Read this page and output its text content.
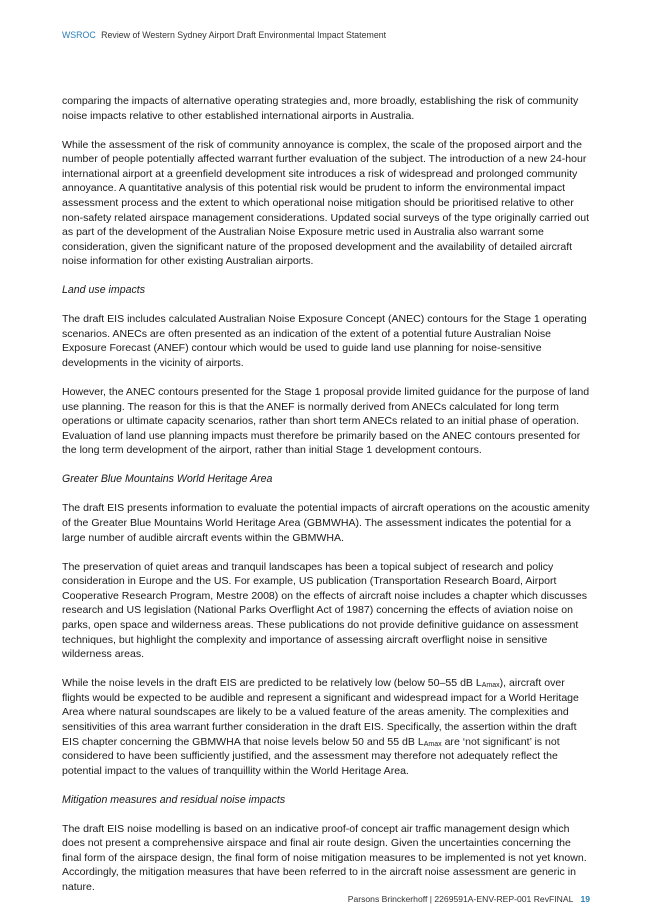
WSROC Review of Western Sydney Airport Draft Environmental Impact Statement

comparing the impacts of alternative operating strategies and, more broadly, establishing the risk of community noise impacts relative to other established international airports in Australia.

While the assessment of the risk of community annoyance is complex, the scale of the proposed airport and the number of people potentially affected warrant further evaluation of the subject. The introduction of a new 24-hour international airport at a greenfield development site introduces a risk of widespread and prolonged community annoyance. A quantitative analysis of this potential risk would be prudent to inform the environmental impact assessment process and the extent to which operational noise mitigation should be prioritised relative to other non-safety related airspace management considerations. Updated social surveys of the type originally carried out as part of the development of the Australian Noise Exposure metric used in Australia also warrant some consideration, given the significant nature of the proposed development and the availability of detailed aircraft noise information for other existing Australian airports.

Land use impacts

The draft EIS includes calculated Australian Noise Exposure Concept (ANEC) contours for the Stage 1 operating scenarios. ANECs are often presented as an indication of the extent of a potential future Australian Noise Exposure Forecast (ANEF) contour which would be used to guide land use planning for noise-sensitive developments in the vicinity of airports.

However, the ANEC contours presented for the Stage 1 proposal provide limited guidance for the purpose of land use planning. The reason for this is that the ANEF is normally derived from ANECs calculated for long term operations or ultimate capacity scenarios, rather than short term ANECs related to an initial phase of operation. Evaluation of land use planning impacts must therefore be primarily based on the ANEC contours presented for the long term development of the airport, rather than initial Stage 1 development contours.

Greater Blue Mountains World Heritage Area

The draft EIS presents information to evaluate the potential impacts of aircraft operations on the acoustic amenity of the Greater Blue Mountains World Heritage Area (GBMWHA). The assessment indicates the potential for a large number of audible aircraft events within the GBMWHA.

The preservation of quiet areas and tranquil landscapes has been a topical subject of research and policy consideration in Europe and the US. For example, US publication (Transportation Research Board, Airport Cooperative Research Program, Mestre 2008) on the effects of aircraft noise includes a chapter which discusses research and US legislation (National Parks Overflight Act of 1987) concerning the effects of aviation noise on parks, open space and wilderness areas. These publications do not provide definitive guidance on assessment techniques, but highlight the complexity and importance of assessing aircraft overflight noise in sensitive wilderness areas.

While the noise levels in the draft EIS are predicted to be relatively low (below 50–55 dB $L_{Amax}$), aircraft over flights would be expected to be audible and represent a significant and widespread impact for a World Heritage Area where natural soundscapes are likely to be a valued feature of the areas amenity. The complexities and sensitivities of this area warrant further consideration in the draft EIS. Specifically, the assertion within the draft EIS chapter concerning the GBMWHA that noise levels below 50 and 55 dB $L_{Amax}$ are ‘not significant’ is not considered to have been sufficiently justified, and the assessment may therefore not adequately reflect the potential impact to the values of tranquillity within the World Heritage Area.

Mitigation measures and residual noise impacts

The draft EIS noise modelling is based on an indicative proof-of concept air traffic management design which does not present a comprehensive airspace and final air route design. Given the uncertainties concerning the final form of the airspace design, the final form of noise mitigation measures to be implemented is not yet known. Accordingly, the mitigation measures that have been referred to in the aircraft noise assessment are generic in nature.

Parsons Brinckerhoff | 2269591A-ENV-REP-001 RevFINAL 19
